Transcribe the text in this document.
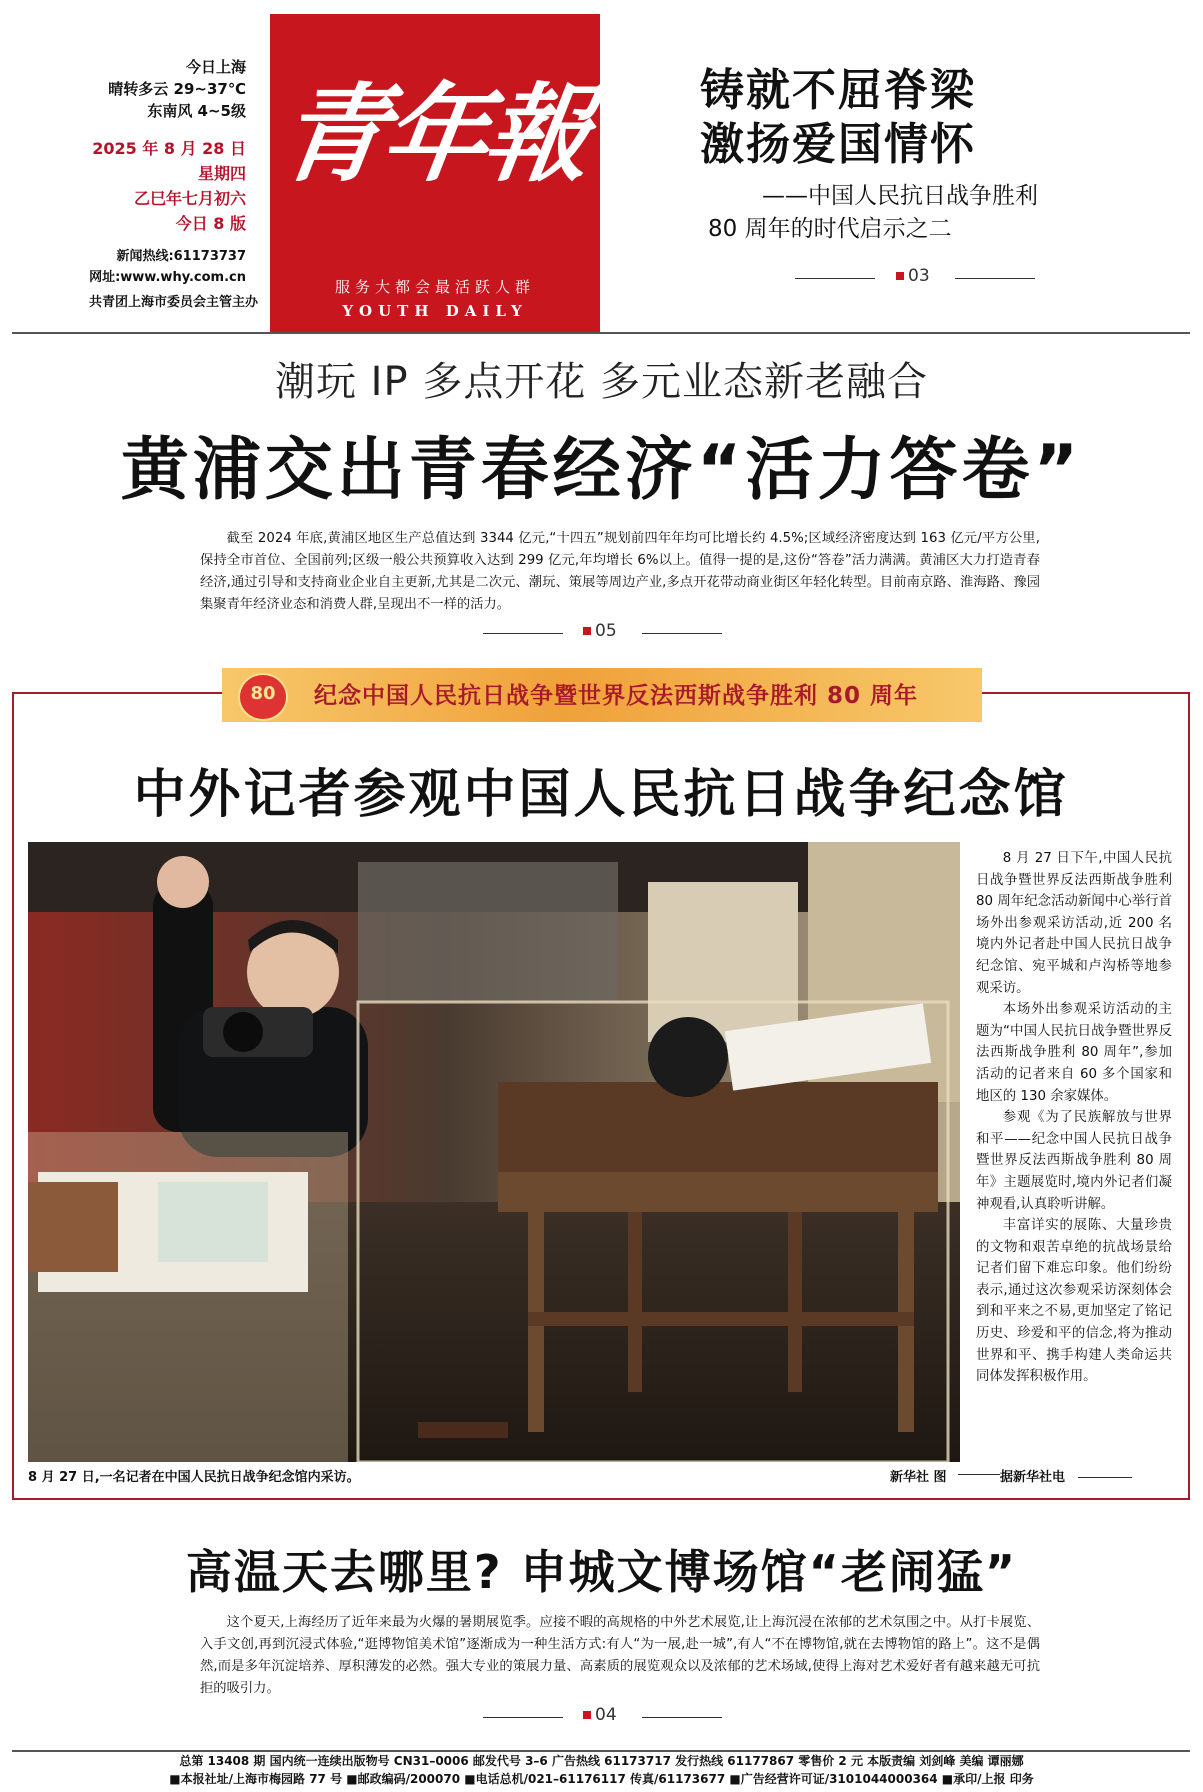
今日上海
晴转多云 29~37℃
东南风 4~5级
2025 年 8 月 28 日
星期四
乙巳年七月初六
今日 8 版
新闻热线:61173737
网址:www.why.com.cn
共青团上海市委员会主管主办
青年報
服务大都会最活跃人群
YOUTH DAILY
铸就不屈脊梁
激扬爱国情怀
——中国人民抗日战争胜利
80 周年的时代启示之二
03
潮玩 IP 多点开花 多元业态新老融合
黄浦交出青春经济“活力答卷”
截至 2024 年底,黄浦区地区生产总值达到 3344 亿元,“十四五”规划前四年年均可比增长约 4.5%;区域经济密度达到 163 亿元/平方公里,保持全市首位、全国前列;区级一般公共预算收入达到 299 亿元,年均增长 6%以上。值得一提的是,这份“答卷”活力满满。黄浦区大力打造青春经济,通过引导和支持商业企业自主更新,尤其是二次元、潮玩、策展等周边产业,多点开花带动商业街区年轻化转型。目前南京路、淮海路、豫园集聚青年经济业态和消费人群,呈现出不一样的活力。
05
80	纪念中国人民抗日战争暨世界反法西斯战争胜利 80 周年
中外记者参观中国人民抗日战争纪念馆
8 月 27 日,一名记者在中国人民抗日战争纪念馆内采访。	新华社 图	据新华社电

8 月 27 日下午,中国人民抗日战争暨世界反法西斯战争胜利 80 周年纪念活动新闻中心举行首场外出参观采访活动,近 200 名境内外记者赴中国人民抗日战争纪念馆、宛平城和卢沟桥等地参观采访。

本场外出参观采访活动的主题为“中国人民抗日战争暨世界反法西斯战争胜利 80 周年”,参加活动的记者来自 60 多个国家和地区的 130 余家媒体。

参观《为了民族解放与世界和平——纪念中国人民抗日战争暨世界反法西斯战争胜利 80 周年》主题展览时,境内外记者们凝神观看,认真聆听讲解。

丰富详实的展陈、大量珍贵的文物和艰苦卓绝的抗战场景给记者们留下难忘印象。他们纷纷表示,通过这次参观采访深刻体会到和平来之不易,更加坚定了铭记历史、珍爱和平的信念,将为推动世界和平、携手构建人类命运共同体发挥积极作用。

高温天去哪里? 申城文博场馆“老闹猛”
这个夏天,上海经历了近年来最为火爆的暑期展览季。应接不暇的高规格的中外艺术展览,让上海沉浸在浓郁的艺术氛围之中。从打卡展览、入手文创,再到沉浸式体验,“逛博物馆美术馆”逐渐成为一种生活方式:有人“为一展,赴一城”,有人“不在博物馆,就在去博物馆的路上”。这不是偶然,而是多年沉淀培养、厚积薄发的必然。强大专业的策展力量、高素质的展览观众以及浓郁的艺术场域,使得上海对艺术爱好者有越来越无可抗拒的吸引力。
04
总第 13408 期 国内统一连续出版物号 CN31–0006 邮发代号 3–6 广告热线 61173717 发行热线 61177867 零售价 2 元 本版责编 刘剑峰 美编 谭丽娜
■本报社址/上海市梅园路 77 号 ■邮政编码/200070 ■电话总机/021–61176117 传真/61173677 ■广告经营许可证/3101044000364 ■承印/上报 印务
